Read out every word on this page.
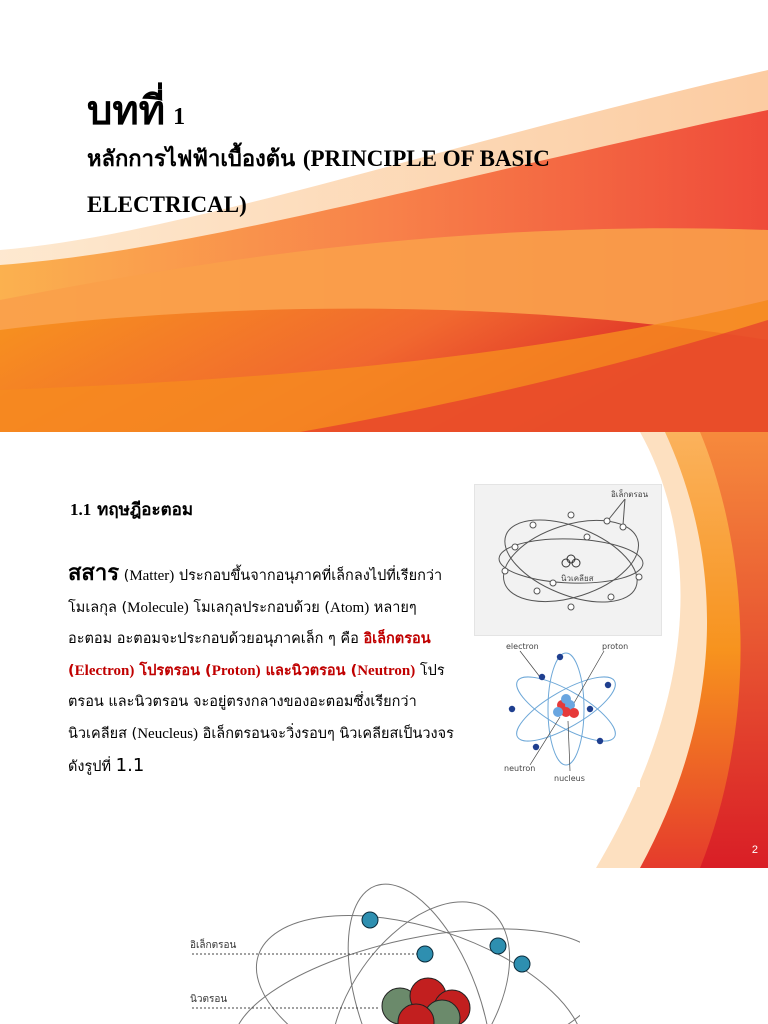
บทที่ 1
หลักการไฟฟ้าเบื้องต้น (PRINCIPLE OF BASIC ELECTRICAL)
1.1 ทฤษฎีอะตอม
สสาร (Matter) ประกอบขึ้นจากอนุภาคที่เล็กลงไปที่เรียกว่าโมเลกุล (Molecule) โมเลกุลประกอบด้วย (Atom) หลายๆอะตอม อะตอมจะประกอบด้วยอนุภาคเล็ก ๆ คือ อิเล็กตรอน (Electron) โปรตรอน (Proton) และนิวตรอน (Neutron) โปรตรอน และนิวตรอน จะอยู่ตรงกลางของอะตอมซึ่งเรียกว่านิวเคลียส (Neucleus) อิเล็กตรอนจะวิ่งรอบๆ นิวเคลียสเป็นวงจรดังรูปที่ 1.1
อิเล็กตรอน
นิวเคลียส
electron	proton
neutron
nucleus
2
อิเล็กตรอน
นิวตรอน
